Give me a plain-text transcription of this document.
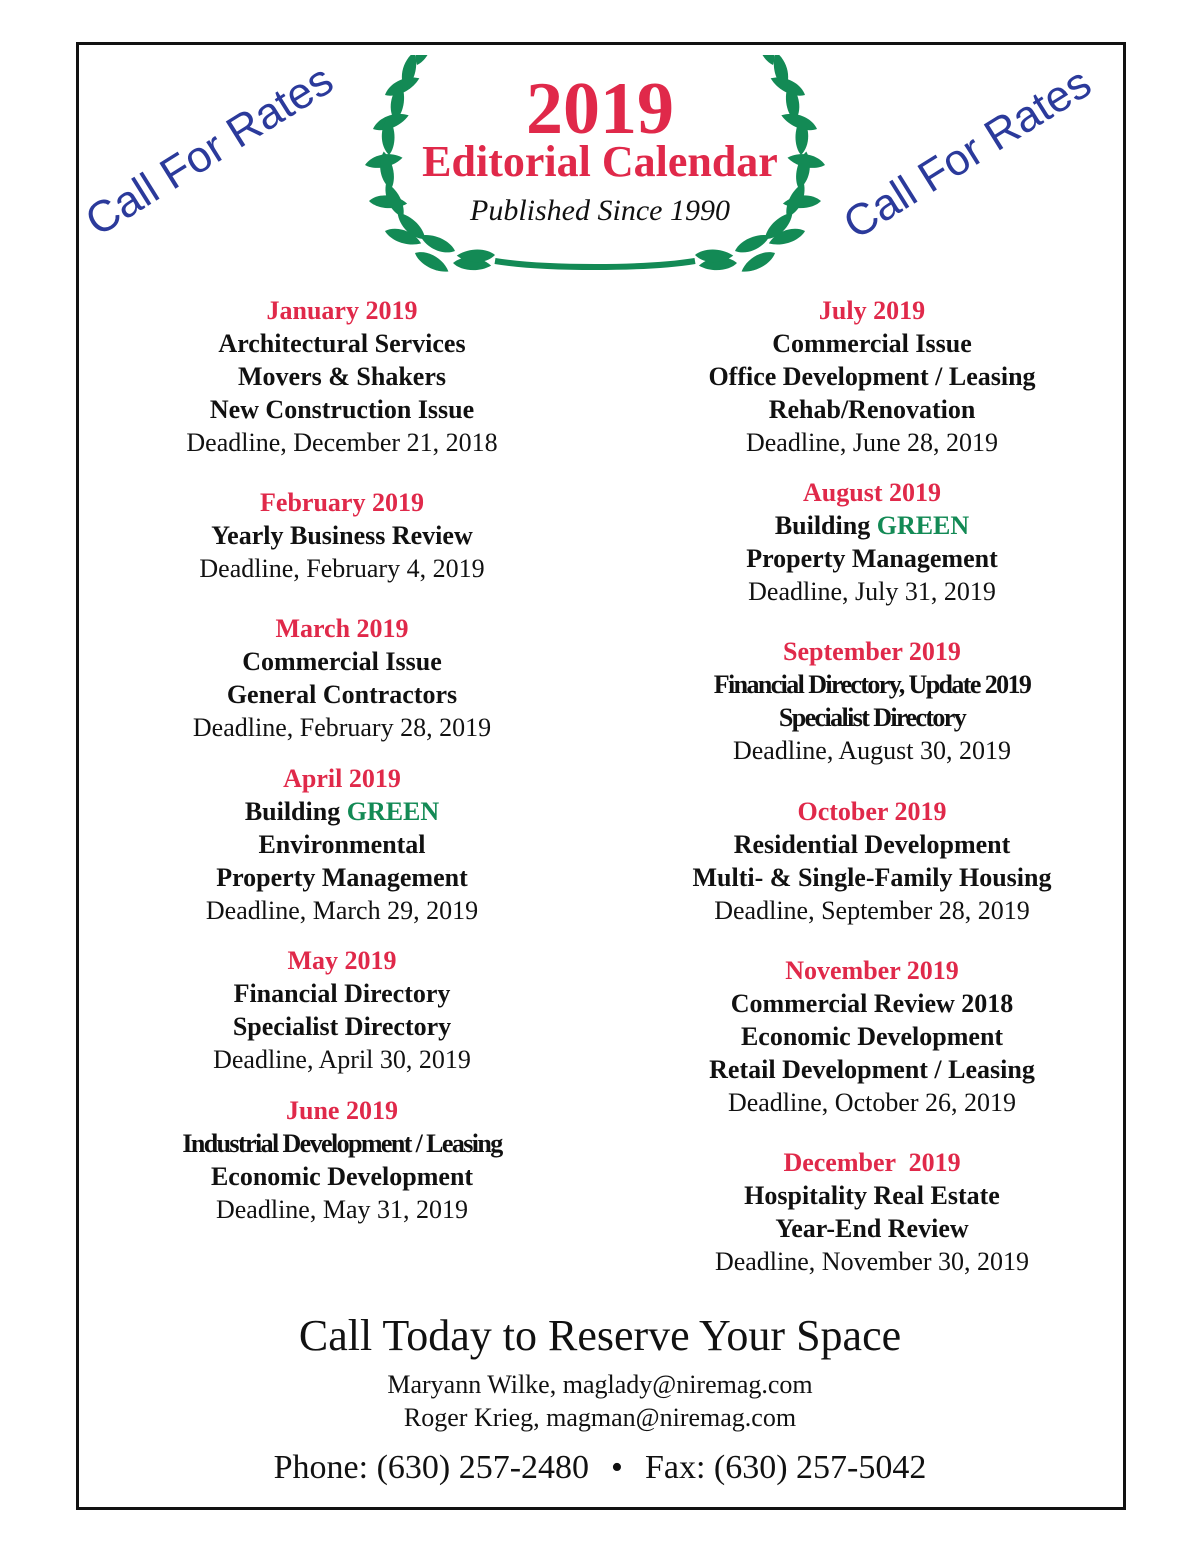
2019
Editorial Calendar
Published Since 1990
Call For Rates	Call For Rates
January 2019
Architectural Services
Movers & Shakers
New Construction Issue
Deadline, December 21, 2018
February 2019
Yearly Business Review
Deadline, February 4, 2019
March 2019
Commercial Issue
General Contractors
Deadline, February 28, 2019
April 2019
Building GREEN
Environmental
Property Management
Deadline, March 29, 2019
May 2019
Financial Directory
Specialist Directory
Deadline, April 30, 2019
June 2019
Industrial Development / Leasing
Economic Development
Deadline, May 31, 2019
July 2019
Commercial Issue
Office Development / Leasing
Rehab/Renovation
Deadline, June 28, 2019
August 2019
Building GREEN
Property Management
Deadline, July 31, 2019
September 2019
Financial Directory, Update 2019
Specialist Directory
Deadline, August 30, 2019
October 2019
Residential Development
Multi- & Single-Family Housing
Deadline, September 28, 2019
November 2019
Commercial Review 2018
Economic Development
Retail Development / Leasing
Deadline, October 26, 2019
December  2019
Hospitality Real Estate
Year-End Review
Deadline, November 30, 2019
Call Today to Reserve Your Space
Maryann Wilke, maglady@niremag.com
Roger Krieg, magman@niremag.com
Phone: (630) 257-2480 • Fax: (630) 257-5042
